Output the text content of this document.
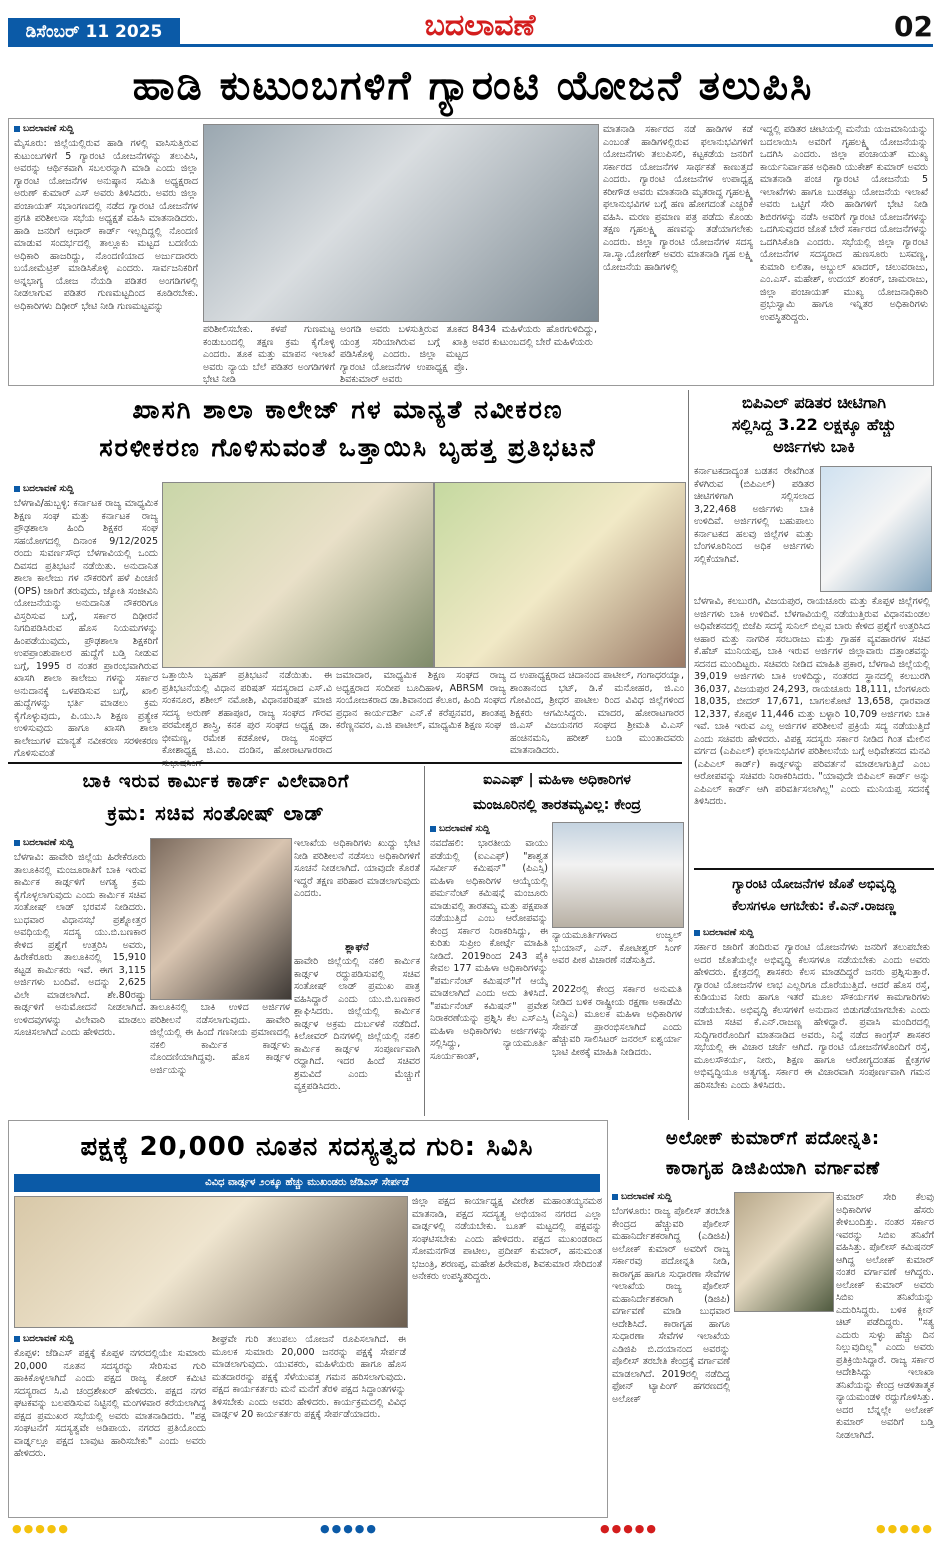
ಡಿಸೆಂಬರ್ 11 2025	ಬದಲಾವಣೆ	02
ಹಾಡಿ ಕುಟುಂಬಗಳಿಗೆ ಗ್ಯಾರಂಟಿ ಯೋಜನೆ ತಲುಪಿಸಿ
ಬದಲಾವಣೆ ಸುದ್ದಿ
ಮೈಸೂರು: ಜಿಲ್ಲೆಯಲ್ಲಿರುವ ಹಾಡಿ ಗಳಲ್ಲಿ ವಾಸಿಸುತ್ತಿರುವ ಕುಟುಂಬಗಳಿಗೆ 5 ಗ್ಯಾರಂಟಿ ಯೋಜನೆಗಳನ್ನು ತಲುಪಿಸಿ, ಅವರನ್ನು ಆರ್ಥಿಕವಾಗಿ ಸಬಲರನ್ನಾಗಿ ಮಾಡಿ ಎಂದು ಜಿಲ್ಲಾ ಗ್ಯಾರಂಟಿ ಯೋಜನೆಗಳ ಅನುಷ್ಠಾನ ಸಮಿತಿ ಅಧ್ಯಕ್ಷರಾದ ಅರುಣ್ ಕುಮಾರ್ ಎಸ್ ಅವರು ತಿಳಿಸಿದರು. ಅವರು ಜಿಲ್ಲಾ ಪಂಚಾಯತ್ ಸಭಾಂಗಣದಲ್ಲಿ ನಡೆದ ಗ್ಯಾರಂಟಿ ಯೋಜನೆಗಳ ಪ್ರಗತಿ ಪರಿಶೀಲನಾ ಸಭೆಯ ಅಧ್ಯಕ್ಷತೆ ವಹಿಸಿ ಮಾತನಾಡಿದರು. ಹಾಡಿ ಜನರಿಗೆ ಆಧಾರ್ ಕಾರ್ಡ್ ಇಲ್ಲದಿದ್ದಲ್ಲಿ ನೊಂದಣಿ ಮಾಡುವ ಸಂದರ್ಭದಲ್ಲಿ ತಾಲ್ಲೂಕು ಮಟ್ಟದ ಬದಣಿಯ ಅಧಿಕಾರಿ ಹಾಜರಿದ್ದು, ನೊಂದಣಿಯಾದ ಅರ್ಜುದಾರರು ಬಯೋಮೆಟ್ರಿಕ್ ಮಾಡಿಸಿಕೊಳ್ಳಿ ಎಂದರು. ಸಾರ್ವಜನಿಕರಿಗೆ ಅನ್ನಭಾಗ್ಯ ಯೋಜ ನೆಯಡಿ ಪಡಿತರ ಅಂಗಡಿಗಳಲ್ಲಿ ನೀಡಲಾಗುವ ಪಡಿತರ ಗುಣಮಟ್ಟದಿಂದ ಕೂಡಿರಬೇಕು. ಅಧಿಕಾರಿಗಳು ದಿಢೀರ್ ಭೇಟಿ ನೀಡಿ ಗುಣಮಟ್ಟವನ್ನು
ಪರಿಶೀಲಿಸಬೇಕು. ಕಳಪೆ ಗುಣಮಟ್ಟ ಕಂಡುಬಂದಲ್ಲಿ ತಕ್ಷಣ ಕ್ರಮ ಕೈಗೊಳ್ಳಿ ಎಂದರು. ತೂಕ ಮತ್ತು ಮಾಪನ ಇಲಾಖೆ ಅವರು ನ್ಯಾಯ ಬೆಲೆ ಪಡಿತರ ಅಂಗಡಿಗಳಿಗೆ ಭೇಟಿ ನೀಡಿ
ಅಂಗಡಿ ಅವರು ಬಳಸುತ್ತಿರುವ ತೂಕದ ಯಂತ್ರ ಸರಿಯಾಗಿರುವ ಬಗ್ಗೆ ಖಾತ್ರಿ ಪಡಿಸಿಕೊಳ್ಳಿ ಎಂದರು. ಜಿಲ್ಲಾ ಮಟ್ಟದ ಗ್ಯಾರಂಟಿ ಯೋಜನೆಗಳ ಉಪಾಧ್ಯಕ್ಷ ಪ್ರೊ. ಶಿವಕುಮಾರ್ ಅವರು
8434 ಮಹಿಳೆಯರು ಹೊರಗುಳಿದಿದ್ದು, ಅವರ ಕುಟುಂಬದಲ್ಲಿ ಬೇರೆ ಮಹಿಳೆಯರು
ಮಾತನಾಡಿ ಸರ್ಕಾರದ ನಡೆ ಹಾಡಿಗಳ ಕಡೆ ಎಂಬಂತೆ ಹಾಡಿಗಳಲ್ಲಿರುವ ಫಲಾನುಭವಿಗಳಿಗೆ ಯೋಜನೆಗಳು ತಲುಪಿಸಲಿ, ಕಟ್ಟಕಡೆಯ ಜನರಿಗೆ ಸರ್ಕಾರದ ಯೋಜನೆಗಳ ಸಾರ್ಥಕತೆ ಕಾಣುತ್ತದೆ ಎಂದರು. ಗ್ಯಾರಂಟಿ ಯೋಜನೆಗಳ ಉಪಾಧ್ಯಕ್ಷ ಕರೀಗೌಡ ಅವರು ಮಾತನಾಡಿ ಮೃತರಾದ್ದ ಗೃಹಲಕ್ಷ್ಮಿ ಫಲಾನುಭವಿಗಳ ಬಗ್ಗೆ ಹಣ ಹೋಗದಂತೆ ಎಚ್ಚರಿಕೆ ವಹಿಸಿ. ಮರಣ ಪ್ರಮಾಣ ಪತ್ರ ಪಡೆದು ಕೊಂಡು ತಕ್ಷಣ ಗೃಹಲಕ್ಷ್ಮಿ ಹಣವನ್ನು ತಡೆಯಾಗಲೇಕು ಎಂದರು. ಜಿಲ್ಲಾ ಗ್ಯಾರಂಟಿ ಯೋಜನೆಗಳ ಸದಸ್ಯ ಸಾ.ಸ್ಮಾ.ಯೋಗೇಶ್ ಅವರು ಮಾತನಾಡಿ ಗೃಹ ಲಕ್ಷ್ಮಿ ಯೋಜನೆಯ ಹಾಡಿಗಳಲ್ಲಿ
ಇದ್ದಲ್ಲಿ ಪಡಿತರ ಚೀಟಿಯಲ್ಲಿ ಮನೆಯ ಯಜಮಾನಿಯನ್ನು ಬದಲಾಯಿಸಿ ಅವರಿಗೆ ಗೃಹಲಕ್ಷ್ಮಿ ಯೋಜನೆಯನ್ನು ಒದಗಿಸಿ ಎಂದರು. ಜಿಲ್ಲಾ ಪಂಚಾಯತ್ ಮುಖ್ಯ ಕಾರ್ಯನಿರ್ವಾಹಕ ಅಧಿಕಾರಿ ಯುಕೇಶ್ ಕುಮಾರ್ ಅವರು ಮಾತನಾಡಿ ಪಂಚ ಗ್ಯಾರಂಟಿ ಯೋಜನೆಯ 5 ಇಲಾಖೆಗಳು ಹಾಗೂ ಬುಡಕಟ್ಟು ಯೋಜನೆಯ ಇಲಾಖೆ ಅವರು ಒಟ್ಟಿಗೆ ಸೇರಿ ಹಾಡಿಗಳಿಗೆ ಭೇಟಿ ನೀಡಿ ಶಿಬಿರಗಳನ್ನು ನಡೆಸಿ ಅವರಿಗೆ ಗ್ಯಾರಂಟಿ ಯೋಜನೆಗಳನ್ನು ಒದಗಿಸುವುದರ ಜೊತೆ ಬೇರೆ ಸರ್ಕಾರದ ಯೋಜನೆಗಳನ್ನು ಒದಗಿಸಿಕೊಡಿ ಎಂದರು. ಸಭೆಯಲ್ಲಿ ಜಿಲ್ಲಾ ಗ್ಯಾರಂಟಿ ಯೋಜನೆಗಳ ಸದಸ್ಯರಾದ ಹುಣಸೂರು ಬಸವಣ್ಣ, ಕುಮಾರಿ ಲಲಿತಾ, ಅಬ್ದುಲ್ ಖಾದರ್, ಚಲುವರಾಜು, ಎಂ.ಎಸ್. ಮಹೇಶ್, ಉದಯ್ ಶಂಕರ್, ಚಾಮರಾಜು, ಜಿಲ್ಲಾ ಪಂಚಾಯತ್ ಮುಖ್ಯ ಯೋಜನಾಧಿಕಾರಿ ಪ್ರಭುಸ್ವಾಮಿ ಹಾಗೂ ಇನ್ನಿತರ ಅಧಿಕಾರಿಗಳು ಉಪಸ್ಥಿತರಿದ್ದರು.
ಖಾಸಗಿ ಶಾಲಾ ಕಾಲೇಜ್ ಗಳ ಮಾನ್ಯತೆ ನವೀಕರಣ
ಸರಳೀಕರಣ ಗೊಳಿಸುವಂತೆ ಒತ್ತಾಯಿಸಿ ಬೃಹತ್ತ ಪ್ರತಿಭಟನೆ
ಬದಲಾವಣೆ ಸುದ್ದಿ
ಬೆಳಗಾವಿ/ಹುಬ್ಬಳ್ಳಿ: ಕರ್ನಾಟಕ ರಾಜ್ಯ ಮಾಧ್ಯಮಿಕ ಶಿಕ್ಷಣ ಸಂಘ ಮತ್ತು ಕರ್ನಾಟಕ ರಾಜ್ಯ ಪ್ರೌಢಶಾಲಾ ಹಿಂದಿ ಶಿಕ್ಷಕರ ಸಂಘ ಸಹಯೋಗದಲ್ಲಿ ದಿನಾಂಕ 9/12/2025 ರಂದು ಸುವರ್ಣಸೌಧ ಬೆಳಗಾವಿಯಲ್ಲಿ ಒಂದು ದಿವಸದ ಪ್ರತಿಭಟನೆ ನಡೆಯಿತು. ಅನುದಾನಿತ ಶಾಲಾ ಕಾಲೇಜು ಗಳ ನೌಕರರಿಗೆ ಹಳೆ ಪಿಂಚಣಿ (OPS) ಜಾರಿಗೆ ತರುವುದು, ಜ್ಯೋತಿ ಸಂಜೀವಿನಿ ಯೋಜನೆಯನ್ನು ಅನುದಾನಿತ ನೌಕರರಿಗೂ ವಿಸ್ತರಿಸುವ ಬಗ್ಗೆ, ಸರ್ಕಾರ ದಿಢೀರನೆ ನಿಗದಿಪಡಿಸಿರುವ ಹೊಸ ನಿಯಮಗಳನ್ನು ಹಿಂಪಡೆಯುವುದು, ಪ್ರೌಢಶಾಲಾ ಶಿಕ್ಷಕರಿಗೆ ಉಪಪ್ರಾಂಶುಪಾಲರ ಹುದ್ದೆಗೆ ಬಡ್ತಿ ನೀಡುವ ಬಗ್ಗೆ, 1995 ರ ನಂತರ ಪ್ರಾರಂಭವಾಗಿರುವ ಖಾಸಗಿ ಶಾಲಾ ಕಾಲೇಜು ಗಳನ್ನು ಸರ್ಕಾರ ಅನುದಾನಕ್ಕೆ ಒಳಪಡಿಸುವ ಬಗ್ಗೆ, ಖಾಲಿ ಹುದ್ದೆಗಳನ್ನು ಭರ್ತಿ ಮಾಡಲು ಕ್ರಮ ಕೈಗೊಳ್ಳುವುದು, ಪಿ.ಯು.ಸಿ ಶಿಕ್ಷಣ ಪ್ರತ್ಯೇಕ ಉಳಿಸುವುದು ಹಾಗೂ ಖಾಸಗಿ ಶಾಲಾ ಕಾಲೇಜುಗಳ ಮಾನ್ಯತೆ ನವೀಕರಣ ಸರಳೀಕರಣ ಗೊಳಿಸುವಂತೆ
ಒತ್ತಾಯಿಸಿ ಬೃಹತ್ ಪ್ರತಿಭಟನೆ ನಡೆಯಿತು. ಈ ಪ್ರತಿಭಟನೆಯಲ್ಲಿ ವಿಧಾನ ಪರಿಷತ್ ಸದಸ್ಯರಾದ ಎಸ್.ವಿ ಸಂಕನೂರ, ಶಶೀಲ್ ನಮೋಶಿ, ವಿಧಾನಪರಿಷತ್ ಮಾಜಿ ಸದಸ್ಯ ಅರುಣ್ ಶಹಾಪೂರ, ರಾಜ್ಯ ಸಂಘದ ಗೌರವ ಪರಮೇಶ್ವರ ಶಾಸ್ತ್ರಿ, ಕನಕ ಪುರ ಸಂಘದ ಅಧ್ಯಕ್ಷ ಡಾ. ಭೀಮಣ್ಣ, ರಮೇಶ ಕಡಕೋಳ, ರಾಜ್ಯ ಸಂಘದ ಕೋಶಾಧ್ಯಕ್ಷ ಜಿ.ಎಂ. ದಂಡಿನ, ಹೋರಾಟಗಾರರಾದ
ಜಮಾದಾರ, ಮಾಧ್ಯಮಿಕ ಶಿಕ್ಷಣ ಸಂಘದ ರಾಜ್ಯ ಅಧ್ಯಕ್ಷರಾದ ಸಂದೀಪ ಬೂದಿಹಾಳ, ABRSM ರಾಜ್ಯ ಸಂಯೋಜಕರಾದ ಡಾ.ಶಿವಾನಂದ ಕೆಲೂರ, ಹಿಂದಿ ಸಂಘದ ಪ್ರಧಾನ ಕಾರ್ಯದರ್ಶಿ ಎನ್.ಕೆ ಕರೆಪ್ಪನವರ, ಶಾಂತಪ್ಪ ಕರೆಣ್ಣನವರ, ಎ.ಜಿ ಪಾಟೀಲ್, ಮಾಧ್ಯಮಿಕ ಶಿಕ್ಷಣ ಸಂಘ
ದ ಉಪಾಧ್ಯಕ್ಷರಾದ ಚಿದಾನಂದ ಪಾಟೀಲ್, ಗಂಗಾಧರಯ್ಯಾ, ಶಾಂತಾನಂದ ಭಟ್, ಡಿ.ಕೆ ಮನೋಹರ, ಜಿ.ಎಂ ಗೋವಿಂದ, ಶ್ರೀಧರ ಪಾಟೀಲ ರಿಂದ ವಿವಿಧ ಜಿಲ್ಲೆಗಳಿಂದ ಶಿಕ್ಷಕರು ಆಗಮಿಸಿದ್ದರು. ಮಾದರ, ಹೋರಾಟಗಾರರ ಜಿ.ಎಸ್ ವಿಜಯನಗರ ಸಂಘದ ಶ್ರೀಮತಿ ವಿ.ಎಸ್ ಹಂಚಿನಮನಿ, ಹರೀಶ್ ಬಂಡಿ ಮುಂತಾದವರು ಮಾತನಾಡಿದರು.
ಬಿಪಿಎಲ್ ಪಡಿತರ ಚೀಟಿಗಾಗಿ
ಸಲ್ಲಿಸಿದ್ದ 3.22 ಲಕ್ಷಕ್ಕೂ ಹೆಚ್ಚು
ಅರ್ಜಿಗಳು ಬಾಕಿ
ಕರ್ನಾಟಕದಾದ್ಯಂತ ಬಡತನ ರೇಖೆಗಿಂತ ಕೆಳಗಿರುವ (ಬಿಪಿಎಲ್) ಪಡಿತರ ಚೀಟಿಗಳಿಗಾಗಿ ಸಲ್ಲಿಸಲಾದ 3,22,468 ಅರ್ಜಿಗಳು ಬಾಕಿ ಉಳಿದಿವೆ. ಅರ್ಜಿಗಳಲ್ಲಿ ಬಹುಪಾಲು ಕರ್ನಾಟಕದ ಹಲವು ಜಿಲ್ಲೆಗಳ ಮತ್ತು ಬೆಂಗಳೂರಿನಿಂದ ಅಧಿಕ ಅರ್ಜಿಗಳು ಸಲ್ಲಿಕೆಯಾಗಿವೆ.
ಬೆಳಗಾವಿ, ಕಲಬುರಗಿ, ವಿಜಯಪುರ, ರಾಯಚೂರು ಮತ್ತು ಕೊಪ್ಪಳ ಜಿಲ್ಲೆಗಳಲ್ಲಿ ಅರ್ಜಿಗಳು ಬಾಕಿ ಉಳಿದಿವೆ. ಬೆಳಗಾವಿಯಲ್ಲಿ ನಡೆಯುತ್ತಿರುವ ವಿಧಾನಮಂಡಲ ಅಧಿವೇಶನದಲ್ಲಿ ಬಿಜೆಪಿ ಸದಸ್ಯೆ ಸುನಿಲ್ ಬಿಲ್ಲವ ಬಾರು ಕೇಳಿದ ಪ್ರಶ್ನೆಗೆ ಉತ್ತರಿಸಿದ ಆಹಾರ ಮತ್ತು ನಾಗರಿಕ ಸರಬರಾಜು ಮತ್ತು ಗ್ರಾಹಕ ವ್ಯವಹಾರಗಳ ಸಚಿವ ಕೆ.ಹೆಚ್ ಮುನಿಯಪ್ಪ, ಬಾಕಿ ಇರುವ ಅರ್ಜಿಗಳ ಜಿಲ್ಲಾವಾರು ದತ್ತಾಂಶವನ್ನು ಸದನದ ಮುಂದಿಟ್ಟರು. ಸಚಿವರು ನೀಡಿದ ಮಾಹಿತಿ ಪ್ರಕಾರ, ಬೆಳಗಾವಿ ಜಿಲ್ಲೆಯಲ್ಲಿ 39,019 ಅರ್ಜಿಗಳು ಬಾಕಿ ಉಳಿದಿದ್ದು, ನಂತರದ ಸ್ಥಾನದಲ್ಲಿ ಕಲಬುರಗಿ 36,037, ವಿಜಯಪುರ 24,293, ರಾಯಚೂರು 18,111, ಬೆಂಗಳೂರು 18,035, ಬೀದರ್ 17,671, ಬಾಗಲಕೋಟೆ 13,658, ಧಾರವಾಡ 12,337, ಕೊಪ್ಪಳ 11,446 ಮತ್ತು ಬಳ್ಳಾರಿ 10,709 ಅರ್ಜಿಗಳು ಬಾಕಿ ಇವೆ. ಬಾಕಿ ಇರುವ ಎಲ್ಲ ಅರ್ಜಿಗಳ ಪರಿಶೀಲನೆ ಪ್ರಕ್ರಿಯೆ ಸದ್ಯ ನಡೆಯುತ್ತಿದೆ ಎಂದು ಸಚಿವರು ಹೇಳಿದರು. ವಿಪಕ್ಷ ಸದಸ್ಯರು ಸರ್ಕಾರ ನೀಡಿದ ಗಿಂತ ಮೇಲಿನ ವರ್ಗದ (ಎಪಿಎಲ್) ಫಲಾನುಭವಿಗಳ ಪರಿಶೀಲನೆಯ ಬಗ್ಗೆ ಅಧಿವೇಶನದ ಮನವಿ (ಎಪಿಎಲ್ ಕಾರ್ಡ್) ಕಾರ್ಡ್ಗಳನ್ನು ಪರಿವರ್ತನೆ ಮಾಡಲಾಗುತ್ತಿದೆ ಎಂಬ ಆರೋಪವನ್ನು ಸಚಿವರು ನಿರಾಕರಿಸಿದರು. "ಯಾವುದೇ ಬಿಪಿಎಲ್ ಕಾರ್ಡ್ ಅನ್ನು ಎಪಿಎಲ್ ಕಾರ್ಡ್ ಆಗಿ ಪರಿವರ್ತಿಸಲಾಗಿಲ್ಲ" ಎಂದು ಮುನಿಯಪ್ಪ ಸದನಕ್ಕೆ ತಿಳಿಸಿದರು.
ಗ್ಯಾರಂಟಿ ಯೋಜನೆಗಳ ಜೊತೆ ಅಭಿವೃದ್ಧಿ
ಕೆಲಸಗಳೂ ಆಗಬೇಕು: ಕೆ.ಎನ್.ರಾಜಣ್ಣ
ಬದಲಾವಣೆ ಸುದ್ದಿ
ಸರ್ಕಾರ ಜಾರಿಗೆ ತಂದಿರುವ ಗ್ಯಾರಂಟಿ ಯೋಜನೆಗಳು ಜನರಿಗೆ ತಲುಪಬೇಕು ಅದರ ಜೊತೆಯಲ್ಲೇ ಅಭಿವೃದ್ಧಿ ಕೆಲಸಗಳೂ ನಡೆಯಬೇಕು ಎಂದು ಅವರು ಹೇಳಿದರು. ಕ್ಷೇತ್ರದಲ್ಲಿ ಶಾಸಕರು ಕೆಲಸ ಮಾಡದಿದ್ದರೆ ಜನರು ಪ್ರಶ್ನಿಸುತ್ತಾರೆ. ಗ್ಯಾರಂಟಿ ಯೋಜನೆಗಳ ಲಾಭ ಎಲ್ಲರಿಗೂ ದೊರೆಯುತ್ತಿದೆ. ಆದರೆ ಹೊಸ ರಸ್ತೆ, ಕುಡಿಯುವ ನೀರು ಹಾಗೂ ಇತರೆ ಮೂಲ ಸೌಕರ್ಯಗಳ ಕಾಮಗಾರಿಗಳು ನಡೆಯಬೇಕು. ಅಭಿವೃದ್ಧಿ ಕೆಲಸಗಳಿಗೆ ಅನುದಾನ ಬಿಡುಗಡೆಯಾಗಬೇಕು ಎಂದು ಮಾಜಿ ಸಚಿವ ಕೆ.ಎನ್.ರಾಜಣ್ಣ ಹೇಳಿದ್ದಾರೆ. ಪ್ರವಾಸಿ ಮಂದಿರದಲ್ಲಿ ಸುದ್ದಿಗಾರರೊಂದಿಗೆ ಮಾತನಾಡಿದ ಅವರು, ನಿನ್ನೆ ನಡೆದ ಕಾಂಗ್ರೆಸ್ ಶಾಸಕರ ಸಭೆಯಲ್ಲಿ ಈ ವಿಚಾರ ಚರ್ಚೆ ಆಗಿದೆ. ಗ್ಯಾರಂಟಿ ಯೋಜನೆಗಳೊಂದಿಗೆ ರಸ್ತೆ, ಮೂಲಸೌಕರ್ಯ, ನೀರು, ಶಿಕ್ಷಣ ಹಾಗೂ ಆರೋಗ್ಯದಂತಹ ಕ್ಷೇತ್ರಗಳ ಅಭಿವೃದ್ಧಿಯೂ ಅತ್ಯಗತ್ಯ. ಸರ್ಕಾರ ಈ ವಿಚಾರವಾಗಿ ಸಂಪೂರ್ಣವಾಗಿ ಗಮನ ಹರಿಸಬೇಕು ಎಂದು ತಿಳಿಸಿದರು.
ಬಾಕಿ ಇರುವ ಕಾರ್ಮಿಕ ಕಾರ್ಡ್ ವಿಲೇವಾರಿಗೆ
ಕ್ರಮ: ಸಚಿವ ಸಂತೋಷ್ ಲಾಡ್
ಬದಲಾವಣೆ ಸುದ್ದಿ
ಬೆಳಗಾವಿ: ಹಾವೇರಿ ಜಿಲ್ಲೆಯ ಹಿರೇಕೆರೂರು ತಾಲೂಕಿನಲ್ಲಿ ಮಂಜೂರಾತಿಗೆ ಬಾಕಿ ಇರುವ ಕಾರ್ಮಿಕ ಕಾರ್ಡ್ಗಳಿಗೆ ಅಗತ್ಯ ಕ್ರಮ ಕೈಗೊಳ್ಳಲಾಗುವುದು ಎಂದು ಕಾರ್ಮಿಕ ಸಚಿವ ಸಂತೋಷ್ ಲಾಡ್ ಭರವಸೆ ನೀಡಿದರು. ಬುಧವಾರ ವಿಧಾನಸಭೆ ಪ್ರಶ್ನೋತ್ತರ ಅವಧಿಯಲ್ಲಿ ಸದಸ್ಯ ಯು.ಬಿ.ಬಣಕಾರ ಕೇಳಿದ ಪ್ರಶ್ನೆಗೆ ಉತ್ತರಿಸಿ ಅವರು, ಹಿರೇಕೆರೂರು ತಾಲೂಕಿನಲ್ಲಿ 15,910 ಕಟ್ಟಡ ಕಾರ್ಮಿಕರು ಇವೆ. ಈಗ 3,115 ಅರ್ಜಿಗಳು ಬಂದಿವೆ. ಅದನ್ನು 2,625 ವಿಲೇ ಮಾಡಲಾಗಿದೆ. ಶೇ.80ರಷ್ಟು ಕಾರ್ಡ್ಗಳಿಗೆ ಅನುಮೋದನೆ ನೀಡಲಾಗಿದೆ. ಉಳಿದವುಗಳನ್ನು ವಿಲೇವಾರಿ ಮಾಡಲು ಸೂಚಿಸಲಾಗಿದೆ ಎಂದು ಹೇಳಿದರು.
ತಾಲೂಕಿನಲ್ಲಿ ಬಾಕಿ ಉಳಿದ ಅರ್ಜಿಗಳ ಪರಿಶೀಲನೆ ನಡೆಸಲಾಗುವುದು. ಹಾವೇರಿ ಜಿಲ್ಲೆಯಲ್ಲಿ ಈ ಹಿಂದೆ ಗಣನೀಯ ಪ್ರಮಾಣದಲ್ಲಿ ನಕಲಿ ಕಾರ್ಮಿಕ ಕಾರ್ಡ್ಗಳು ನೊಂದಣಿಯಾಗಿದ್ದವು. ಹೊಸ ಕಾರ್ಡ್ಗಳ ಅರ್ಜಿಯನ್ನು
ಇಲಾಖೆಯ ಅಧಿಕಾರಿಗಳು ಖುದ್ದು ಭೇಟಿ ನೀಡಿ ಪರಿಶೀಲನೆ ನಡೆಸಲು ಅಧಿಕಾರಿಗಳಿಗೆ ಸೂಚನೆ ನೀಡಲಾಗಿದೆ. ಯಾವುದೇ ಕೊರತೆ ಇದ್ದರೆ ತಕ್ಷಣ ಪರಿಹಾರ ಮಾಡಲಾಗುವುದು ಎಂದರು.
ಶ್ಲಾಘನೆ
ಹಾವೇರಿ ಜಿಲ್ಲೆಯಲ್ಲಿ ನಕಲಿ ಕಾರ್ಮಿಕ ಕಾರ್ಡ್ಗಳ ರದ್ದುಪಡಿಸುವಲ್ಲಿ ಸಚಿವ ಸಂತೋಷ್ ಲಾಡ್ ಪ್ರಮುಖ ಪಾತ್ರ ವಹಿಸಿದ್ದಾರೆ ಎಂದು ಯು.ಬಿ.ಬಣಕಾರ ಶ್ಲಾಘಿಸಿದರು. ಜಿಲ್ಲೆಯಲ್ಲಿ ಕಾರ್ಮಿಕ ಕಾರ್ಡ್ಗಳ ಅಕ್ರಮ ದುರ್ಬಳಕೆ ನಡೆದಿದೆ. ಕಿಲೋವರ್ ದಿನಗಳಲ್ಲಿ ಜಿಲ್ಲೆಯಲ್ಲಿ ನಕಲಿ ಕಾರ್ಮಿಕ ಕಾರ್ಡ್ಗಳ ಸಂಪೂರ್ಣವಾಗಿ ರದ್ದಾಗಿದೆ. ಇದರ ಹಿಂದೆ ಸಚಿವರ ಶ್ರಮವಿದೆ ಎಂದು ಮೆಚ್ಚುಗೆ ವ್ಯಕ್ತಪಡಿಸಿದರು.
ಐಎಎಫ್ | ಮಹಿಳಾ ಅಧಿಕಾರಿಗಳ
ಮಂಜೂರಿನಲ್ಲಿ ತಾರತಮ್ಯವಿಲ್ಲ: ಕೇಂದ್ರ
ಬದಲಾವಣೆ ಸುದ್ದಿ
ನವದೆಹಲಿ: ಭಾರತೀಯ ವಾಯು ಪಡೆಯಲ್ಲಿ (ಐಎಎಫ್) "ಶಾಶ್ವತ ಸರ್ವೀಸ್ ಕಮಿಷನ್" (ಪಿಎಸ್ಸಿ) ಮಹಿಳಾ ಅಧಿಕಾರಿಗಳ ಆಯ್ಕೆಯಲ್ಲಿ ಪರ್ಮನೆಂಟ್ ಕಮಿಷನ್ಗೆ ಮಂಜೂರು ಮಾಡುವಲ್ಲಿ ತಾರತಮ್ಯ ಮತ್ತು ಪಕ್ಷಪಾತ ನಡೆಯುತ್ತಿದೆ ಎಂಬ ಆರೋಪವನ್ನು ಕೇಂದ್ರ ಸರ್ಕಾರ ನಿರಾಕರಿಸಿದ್ದು, ಈ ಕುರಿತು ಸುಪ್ರೀಂ ಕೋರ್ಟ್ಗೆ ಮಾಹಿತಿ ನೀಡಿದೆ. 2019ರಿಂದ 243 ಪೈಕಿ ಕೇವಲ 177 ಮಹಿಳಾ ಅಧಿಕಾರಿಗಳನ್ನು "ಪರ್ಮನೆಂಟ್ ಕಮಿಷನ್"ಗೆ ಆಯ್ಕೆ ಮಾಡಲಾಗಿದೆ ಎಂದು ಅದು ತಿಳಿಸಿದೆ. "ಪರ್ಮನೆಂಟ್ ಕಮಿಷನ್" ಪ್ರವೇಶ ನಿರಾಕರಣೆಯನ್ನು ಪ್ರಶ್ನಿಸಿ ಕೆಲ ಎಸ್ಎಸ್ಸಿ ಮಹಿಳಾ ಅಧಿಕಾರಿಗಳು ಅರ್ಜಿಗಳನ್ನು ಸಲ್ಲಿಸಿದ್ದು, ನ್ಯಾಯಮೂರ್ತಿ ಸೂರ್ಯಕಾಂತ್,
ನ್ಯಾಯಮೂರ್ತಿಗಳಾದ ಉಜ್ವಲ್ ಭುಯಾನ್, ಎನ್. ಕೋಟೀಶ್ವರ್ ಸಿಂಗ್ ಅವರ ಪೀಠ ವಿಚಾರಣೆ ನಡೆಸುತ್ತಿದೆ.
2022ರಲ್ಲಿ ಕೇಂದ್ರ ಸರ್ಕಾರ ಅನುಮತಿ ನೀಡಿದ ಬಳಿಕ ರಾಷ್ಟ್ರೀಯ ರಕ್ಷಣಾ ಅಕಾಡೆಮಿ (ಎನ್ಡಿಎ) ಮೂಲಕ ಮಹಿಳಾ ಅಧಿಕಾರಿಗಳ ಸೇರ್ಪಡೆ ಪ್ರಾರಂಭಿಸಲಾಗಿದೆ ಎಂದು ಹೆಚ್ಚುವರಿ ಸಾಲಿಸಿಟರ್ ಜನರಲ್ ಐಶ್ವರ್ಯಾ ಭಾಟಿ ಪೀಠಕ್ಕೆ ಮಾಹಿತಿ ನೀಡಿದರು.
ಪಕ್ಷಕ್ಕೆ 20,000 ನೂತನ ಸದಸ್ಯತ್ವದ ಗುರಿ: ಸಿವಿಸಿ
ವಿವಿಧ ವಾರ್ಡ್ಗಳ ೨೦ಕ್ಕೂ ಹೆಚ್ಚು ಮುಖಂಡರು ಜೆಡಿಎಸ್ ಸೇರ್ಪಡೆ
ಬದಲಾವಣೆ ಸುದ್ದಿ
ಕೊಪ್ಪಳ: ಜೆಡಿಎಸ್ ಪಕ್ಷಕ್ಕೆ ಕೊಪ್ಪಳ ನಗರದಲ್ಲಿಯೇ ಸುಮಾರು 20,000 ನೂತನ ಸದಸ್ಯರನ್ನು ಸೇರಿಸುವ ಗುರಿ ಹಾಕಿಕೊಳ್ಳಲಾಗಿದೆ ಎಂದು ಪಕ್ಷದ ರಾಜ್ಯ ಕೋರ್ ಕಮಿಟಿ ಸದಸ್ಯರಾದ ಸಿ.ವಿ ಚಂದ್ರಶೇಖರ್ ಹೇಳಿದರು. ಪಕ್ಷದ ನಗರ ಘಟಕವನ್ನು ಬಲಪಡಿಸುವ ನಿಟ್ಟಿನಲ್ಲಿ ಮಂಗಳವಾರ ಕರೆಯಲಾಗಿದ್ದ ಪಕ್ಷದ ಪ್ರಮುಖರ ಸಭೆಯಲ್ಲಿ ಅವರು ಮಾತನಾಡಿದರು. "ಪಕ್ಷ ಸಂಘಟನೆಗೆ ಸದಸ್ಯತ್ವವೇ ಅಡಿಪಾಯ. ನಗರದ ಪ್ರತಿಯೊಂದು ವಾರ್ಡ್ನಲ್ಲೂ ಪಕ್ಷದ ಬಾವುಟ ಹಾರಿಸಬೇಕು" ಎಂದು ಅವರು ಹೇಳಿದರು.
ಶೀಘ್ರವೇ ಗುರಿ ತಲುಪಲು ಯೋಜನೆ ರೂಪಿಸಲಾಗಿದೆ. ಈ ಮೂಲಕ ಸುಮಾರು 20,000 ಜನರನ್ನು ಪಕ್ಷಕ್ಕೆ ಸೇರ್ಪಡೆ ಮಾಡಲಾಗುವುದು. ಯುವಕರು, ಮಹಿಳೆಯರು ಹಾಗೂ ಹೊಸ ಮತದಾರರನ್ನು ಪಕ್ಷಕ್ಕೆ ಸೆಳೆಯುವತ್ತ ಗಮನ ಹರಿಸಲಾಗುವುದು. ಪಕ್ಷದ ಕಾರ್ಯಕರ್ತರು ಮನೆ ಮನೆಗೆ ತೆರಳಿ ಪಕ್ಷದ ಸಿದ್ಧಾಂತಗಳನ್ನು ತಿಳಿಸಬೇಕು ಎಂದು ಅವರು ಹೇಳಿದರು. ಕಾರ್ಯಕ್ರಮದಲ್ಲಿ ವಿವಿಧ ವಾರ್ಡ್ಗಳ 20 ಕಾರ್ಯಕರ್ತರು ಪಕ್ಷಕ್ಕೆ ಸೇರ್ಪಡೆಯಾದರು.
ಜಿಲ್ಲಾ ಪಕ್ಷದ ಕಾರ್ಯಾಧ್ಯಕ್ಷ ವೀರೇಶ ಮಹಾಂತಯ್ಯನಮಠ ಮಾತನಾಡಿ, ಪಕ್ಷದ ಸದಸ್ಯತ್ವ ಅಭಿಯಾನ ನಗರದ ಎಲ್ಲಾ ವಾರ್ಡ್ಗಳಲ್ಲಿ ನಡೆಯಬೇಕು. ಬೂತ್ ಮಟ್ಟದಲ್ಲಿ ಪಕ್ಷವನ್ನು ಸಂಘಟಿಸಬೇಕು ಎಂದು ಹೇಳಿದರು. ಪಕ್ಷದ ಮುಖಂಡರಾದ ಸೋಮನಗೌಡ ಪಾಟೀಲ, ಪ್ರದೀಪ್ ಕುಮಾರ್, ಹನುಮಂತ ಭಜಂತ್ರಿ, ಶರಣಪ್ಪ, ಮಹೇಶ ಹಿರೇಮಠ, ಶಿವಕುಮಾರ ಸೇರಿದಂತೆ ಅನೇಕರು ಉಪಸ್ಥಿತರಿದ್ದರು.
ಅಲೋಕ್ ಕುಮಾರ್‌ಗೆ ಪದೋನ್ನತಿ:
ಕಾರಾಗೃಹ ಡಿಜಿಪಿಯಾಗಿ ವರ್ಗಾವಣೆ
ಬದಲಾವಣೆ ಸುದ್ದಿ
ಬೆಂಗಳೂರು: ರಾಜ್ಯ ಪೊಲೀಸ್ ತರಬೇತಿ ಕೇಂದ್ರದ ಹೆಚ್ಚುವರಿ ಪೊಲೀಸ್ ಮಹಾನಿರ್ದೇಶಕರಾಗಿದ್ದ (ಎಡಿಜಿಪಿ) ಅಲೋಕ್ ಕುಮಾರ್ ಅವರಿಗೆ ರಾಜ್ಯ ಸರ್ಕಾರವು ಪದೋನ್ನತಿ ನೀಡಿ, ಕಾರಾಗೃಹ ಹಾಗೂ ಸುಧಾರಣಾ ಸೇವೆಗಳ ಇಲಾಖೆಯ ರಾಜ್ಯ ಪೊಲೀಸ್ ಮಹಾನಿರ್ದೇಶಕರಾಗಿ (ಡಿಜಿಪಿ) ವರ್ಗಾವಣೆ ಮಾಡಿ ಬುಧವಾರ ಆದೇಶಿಸಿದೆ. ಕಾರಾಗೃಹ ಹಾಗೂ ಸುಧಾರಣಾ ಸೇವೆಗಳ ಇಲಾಖೆಯ ಎಡಿಜಿಪಿ ಬಿ.ದಯಾನಂದ ಅವರನ್ನು ಪೊಲೀಸ್ ತರಬೇತಿ ಕೇಂದ್ರಕ್ಕೆ ವರ್ಗಾವಣೆ ಮಾಡಲಾಗಿದೆ. 2019ರಲ್ಲಿ ನಡೆದಿದ್ದ ಫೋನ್ ಟ್ಯಾಪಿಂಗ್ ಹಗರಣದಲ್ಲಿ ಅಲೋಕ್
ಕುಮಾರ್ ಸೇರಿ ಕೆಲವು ಅಧಿಕಾರಿಗಳ ಹೆಸರು ಕೇಳಿಬಂದಿತ್ತು. ನಂತರ ಸರ್ಕಾರ ಇವರನ್ನು ಸಿಬಿಐ ತನಿಖೆಗೆ ವಹಿಸಿತ್ತು. ಪೊಲೀಸ್ ಕಮಿಷನರ್ ಆಗಿದ್ದ ಅಲೋಕ್ ಕುಮಾರ್ ನಂತರ ವರ್ಗಾವಣೆ ಆಗಿದ್ದರು. ಅಲೋಕ್ ಕುಮಾರ್ ಅವರು ಸಿಬಿಐ ತನಿಖೆಯನ್ನು ಎದುರಿಸಿದ್ದರು. ಬಳಿಕ ಕ್ಲೀನ್ ಚಿಟ್ ಪಡೆದಿದ್ದರು. "ಸತ್ಯ ಎದುರು ಸುಳ್ಳು ಹೆಚ್ಚು ದಿನ ನಿಲ್ಲುವುದಿಲ್ಲ" ಎಂದು ಅವರು ಪ್ರತಿಕ್ರಿಯಿಸಿದ್ದಾರೆ. ರಾಜ್ಯ ಸರ್ಕಾರ ಆದೇಶಿಸಿದ್ದು ಇಲಾಖಾ ತನಿಖೆಯನ್ನು ಕೇಂದ್ರ ಆಡಳಿತಾತ್ಮಕ ನ್ಯಾಯಮಂಡಳಿ ರದ್ದುಗೊಳಿಸಿತ್ತು. ಅದರ ಬೆನ್ನಲ್ಲೇ ಅಲೋಕ್ ಕುಮಾರ್ ಅವರಿಗೆ ಬಡ್ತಿ ನೀಡಲಾಗಿದೆ.
●●●●●	●●●●●	●●●●●	●●●●●
